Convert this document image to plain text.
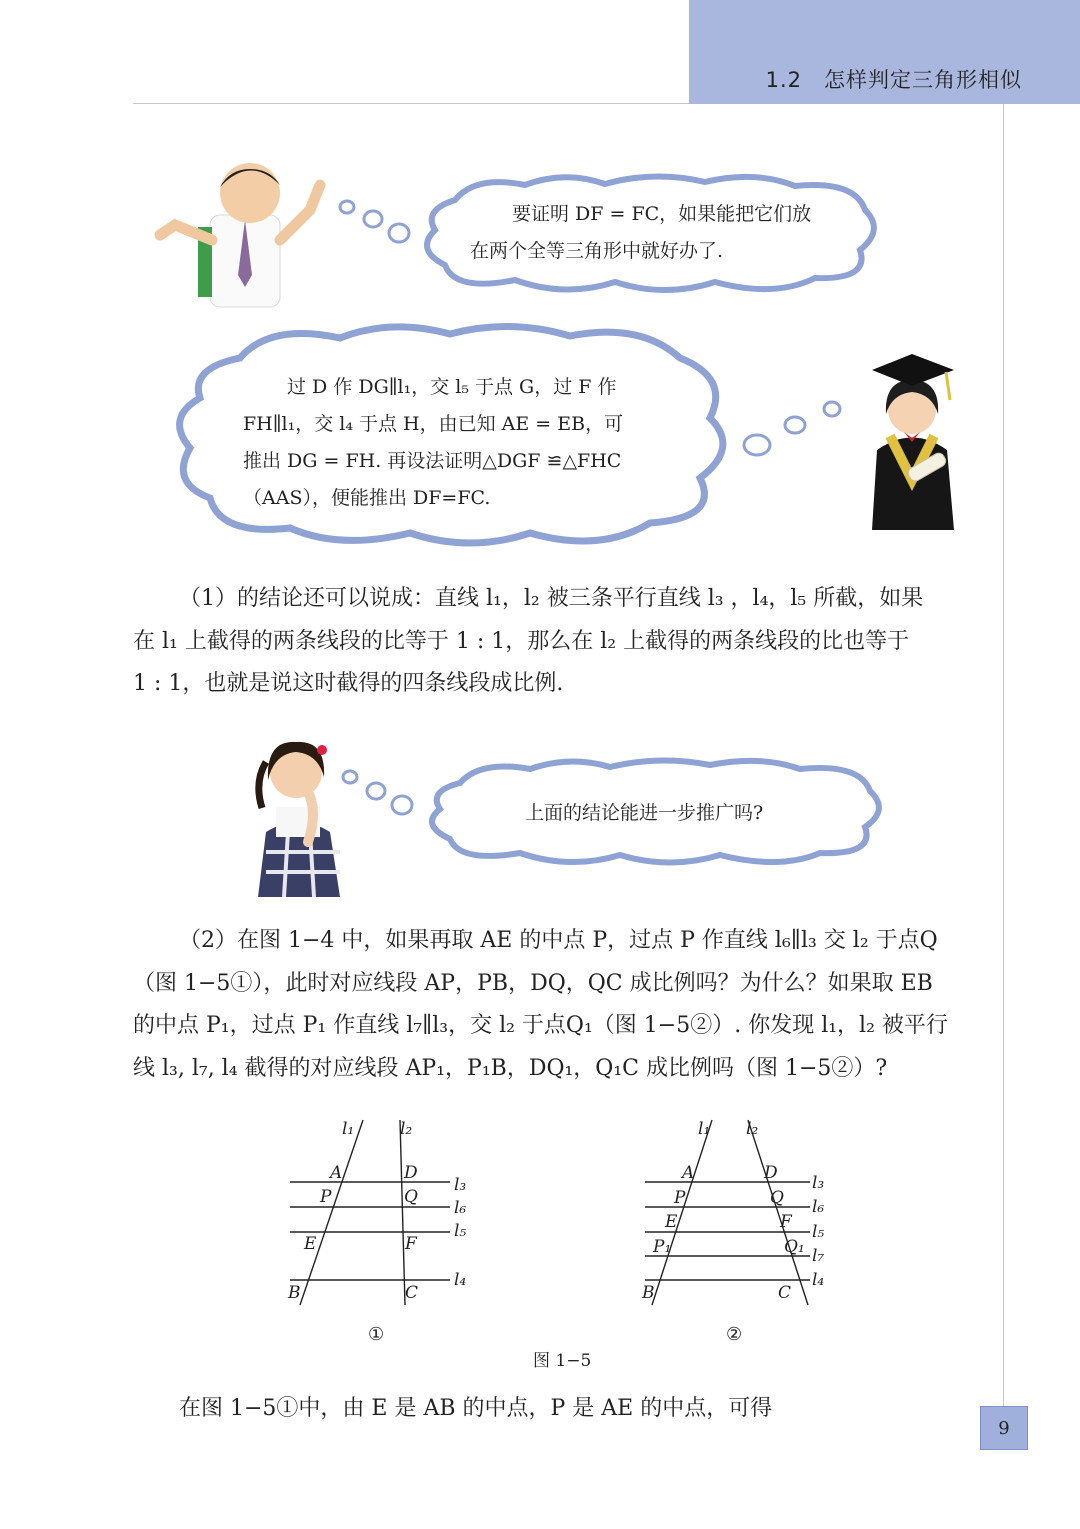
1.2　怎样判定三角形相似
要证明 DF = FC，如果能把它们放
在两个全等三角形中就好办了.
过 D 作 DG∥l₁，交 l₅ 于点 G，过 F 作
FH∥l₁，交 l₄ 于点 H，由已知 AE = EB，可
推出 DG = FH. 再设法证明△DGF ≌△FHC
（AAS），便能推出 DF=FC.

（1）的结论还可以说成：直线 l₁，l₂ 被三条平行直线 l₃ ，l₄，l₅ 所截，如果

在 l₁ 上截得的两条线段的比等于 1 : 1，那么在 l₂ 上截得的两条线段的比也等于

1 : 1，也就是说这时截得的四条线段成比例.

上面的结论能进一步推广吗?

（2）在图 1−4 中，如果再取 AE 的中点 P，过点 P 作直线 l₆∥l₃ 交 l₂ 于点Q

（图 1−5①），此时对应线段 AP，PB，DQ，QC 成比例吗？为什么？如果取 EB

的中点 P₁，过点 P₁ 作直线 l₇∥l₃，交 l₂ 于点Q₁（图 1−5②）. 你发现 l₁，l₂ 被平行

线 l₃, l₇, l₄ 截得的对应线段 AP₁，P₁B，DQ₁，Q₁C 成比例吗（图 1−5②）?

l₁	l₂
l₃
l₆
l₅
l₄
A	D
P	Q
E	F
B	C
①
l₁ l₂
l₃
l₆
l₅
l₇
l₄
A	D
P	Q
E	F
P₁	Q₁
B	C
②
图 1−5

在图 1−5①中，由 E 是 AB 的中点，P 是 AE 的中点，可得

9
